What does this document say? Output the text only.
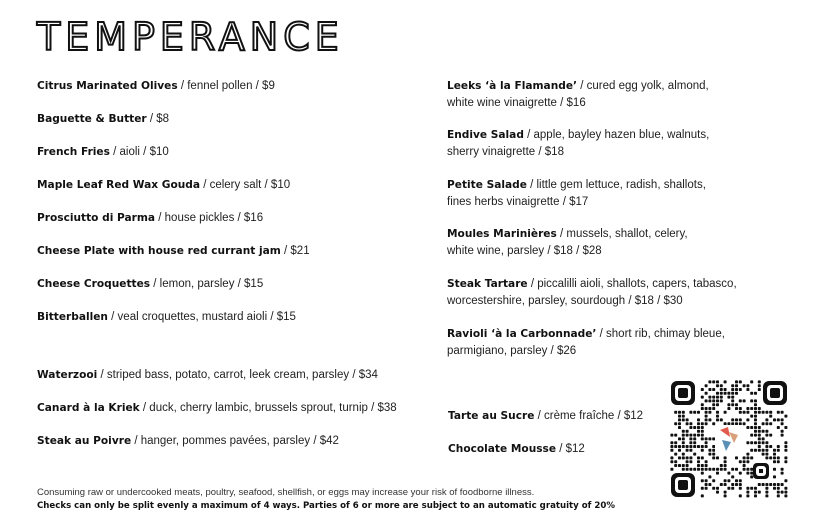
TEMPERANCE
Citrus Marinated Olives / fennel pollen / $9
Baguette & Butter / $8
French Fries / aioli / $10
Maple Leaf Red Wax Gouda / celery salt / $10
Prosciutto di Parma / house pickles / $16
Cheese Plate with house red currant jam / $21
Cheese Croquettes / lemon, parsley / $15
Bitterballen / veal croquettes, mustard aioli / $15
Waterzooi / striped bass, potato, carrot, leek cream, parsley / $34
Canard à la Kriek / duck, cherry lambic, brussels sprout, turnip / $38
Steak au Poivre / hanger, pommes pavées, parsley / $42
Leeks ‘à la Flamande’ / cured egg yolk, almond,
white wine vinaigrette / $16
Endive Salad / apple, bayley hazen blue, walnuts,
sherry vinaigrette / $18
Petite Salade / little gem lettuce, radish, shallots,
fines herbs vinaigrette / $17
Moules Marinières / mussels, shallot, celery,
white wine, parsley / $18 / $28
Steak Tartare / piccalilli aioli, shallots, capers, tabasco,
worcestershire, parsley, sourdough / $18 / $30
Ravioli ‘à la Carbonnade’ / short rib, chimay bleue,
parmigiano, parsley / $26
Tarte au Sucre / crème fraîche / $12
Chocolate Mousse / $12
Consuming raw or undercooked meats, poultry, seafood, shellfish, or eggs may increase your risk of foodborne illness.
Checks can only be split evenly a maximum of 4 ways. Parties of 6 or more are subject to an automatic gratuity of 20%
